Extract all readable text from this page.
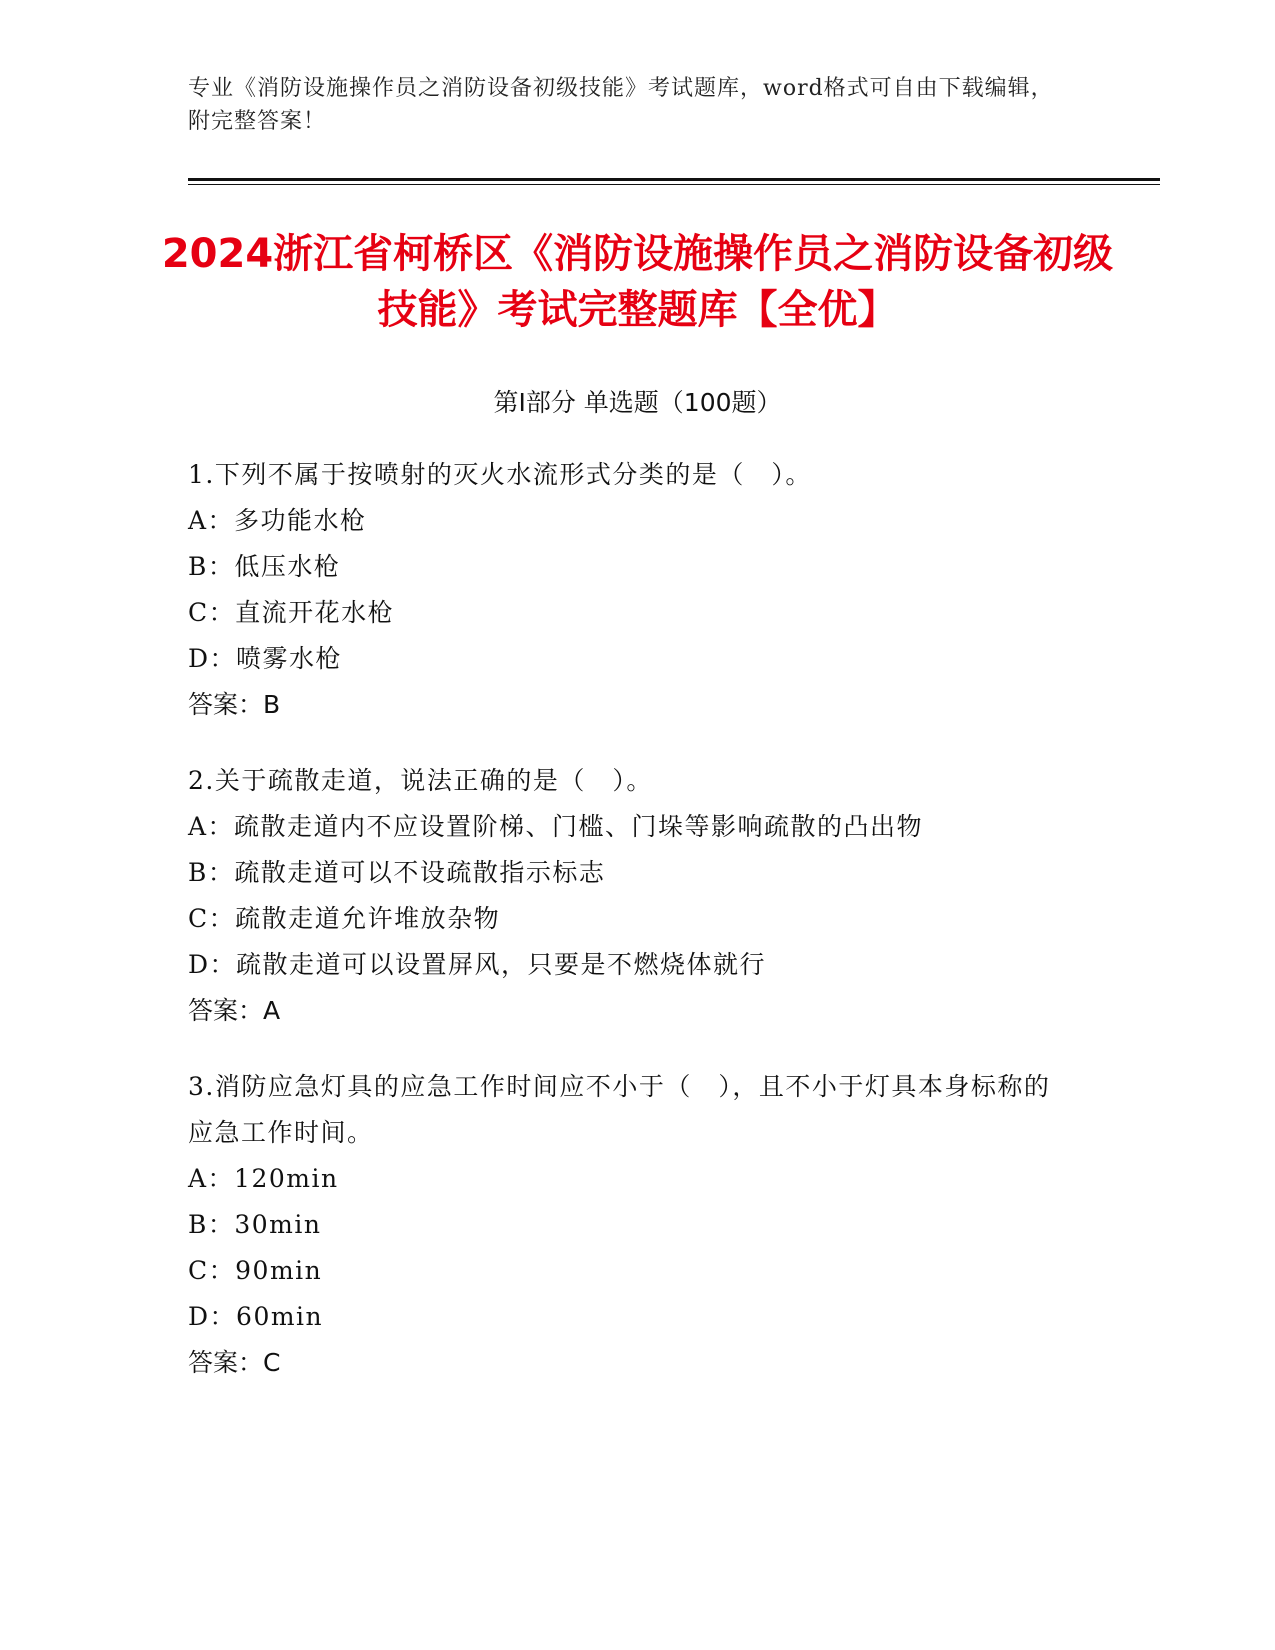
专业《消防设施操作员之消防设备初级技能》考试题库，word格式可自由下载编辑，附完整答案！
2024浙江省柯桥区《消防设施操作员之消防设备初级技能》考试完整题库【全优】
第Ⅰ部分 单选题（100题）

1.下列不属于按喷射的灭火水流形式分类的是（　）。

A：多功能水枪
B：低压水枪
C：直流开花水枪
D：喷雾水枪
答案：B

2.关于疏散走道，说法正确的是（　）。

A：疏散走道内不应设置阶梯、门槛、门垛等影响疏散的凸出物
B：疏散走道可以不设疏散指示标志
C：疏散走道允许堆放杂物
D：疏散走道可以设置屏风，只要是不燃烧体就行
答案：A

3.消防应急灯具的应急工作时间应不小于（　），且不小于灯具本身标称的应急工作时间。

A：120min
B：30min
C：90min
D：60min
答案：C
